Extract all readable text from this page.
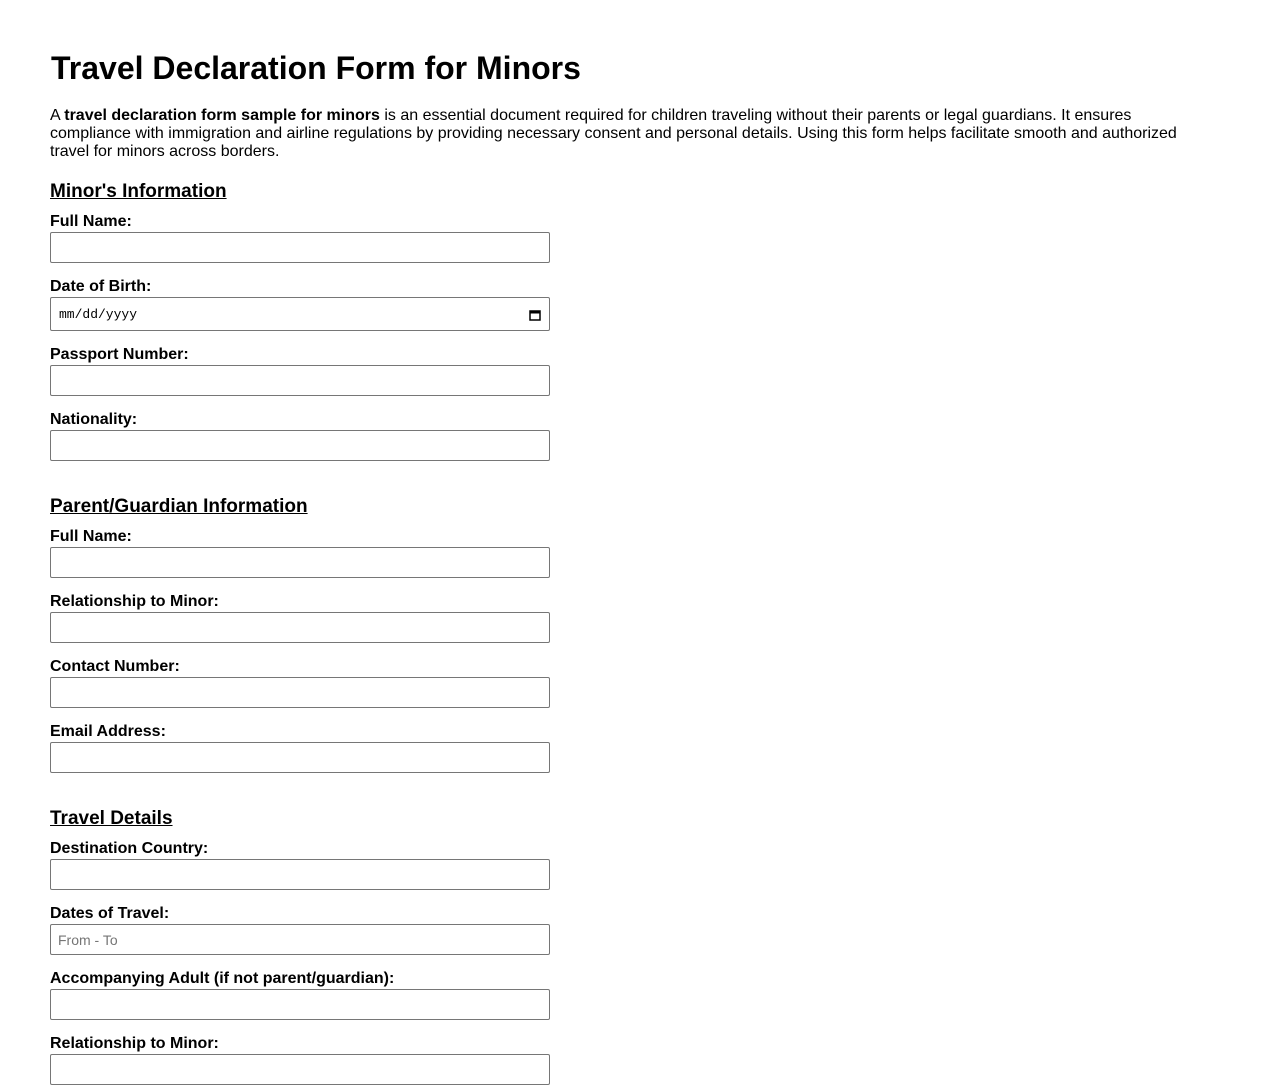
Travel Declaration Form for Minors

A travel declaration form sample for minors is an essential document required for children traveling without their parents or legal guardians. It ensures compliance with immigration and airline regulations by providing necessary consent and personal details. Using this form helps facilitate smooth and authorized travel for minors across borders.

Minor's Information
Full Name:
Date of Birth:
mm/dd/yyyy
Passport Number:
Nationality:
Parent/Guardian Information
Full Name:
Relationship to Minor:
Contact Number:
Email Address:
Travel Details
Destination Country:
Dates of Travel:
From - To
Accompanying Adult (if not parent/guardian):
Relationship to Minor:
